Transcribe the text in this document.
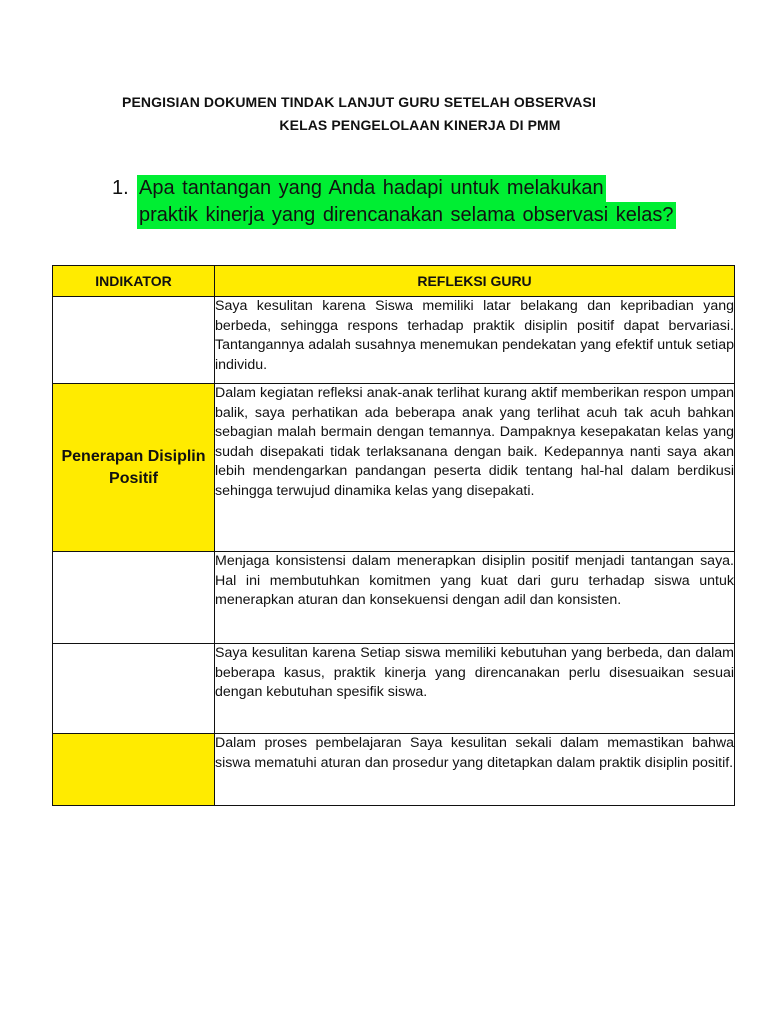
PENGISIAN DOKUMEN TINDAK LANJUT GURU SETELAH OBSERVASI
KELAS PENGELOLAAN KINERJA DI PMM
1. Apa tantangan yang Anda hadapi untuk melakukan
praktik kinerja yang direncanakan selama observasi kelas?
INDIKATOR	REFLEKSI GURU
	Saya kesulitan karena Siswa memiliki latar belakang dan kepribadian yang berbeda, sehingga respons terhadap praktik disiplin positif dapat bervariasi. Tantangannya adalah susahnya menemukan pendekatan yang efektif untuk setiap individu.

Penerapan Disiplin Positif	Dalam kegiatan refleksi anak-anak terlihat kurang aktif memberikan respon umpan balik, saya perhatikan ada beberapa anak yang terlihat acuh tak acuh bahkan sebagian malah bermain dengan temannya. Dampaknya kesepakatan kelas yang sudah disepakati tidak terlaksanana dengan baik. Kedepannya nanti saya akan lebih mendengarkan pandangan peserta didik tentang hal-hal dalam berdikusi sehingga terwujud dinamika kelas yang disepakati.
	Menjaga konsistensi dalam menerapkan disiplin positif menjadi tantangan saya. Hal ini membutuhkan komitmen yang kuat dari guru terhadap siswa untuk menerapkan aturan dan konsekuensi dengan adil dan konsisten.
	Saya kesulitan karena Setiap siswa memiliki kebutuhan yang berbeda, dan dalam beberapa kasus, praktik kinerja yang direncanakan perlu disesuaikan sesuai dengan kebutuhan spesifik siswa.
	Dalam proses pembelajaran Saya kesulitan sekali dalam memastikan bahwa siswa mematuhi aturan dan prosedur yang ditetapkan dalam praktik disiplin positif.
